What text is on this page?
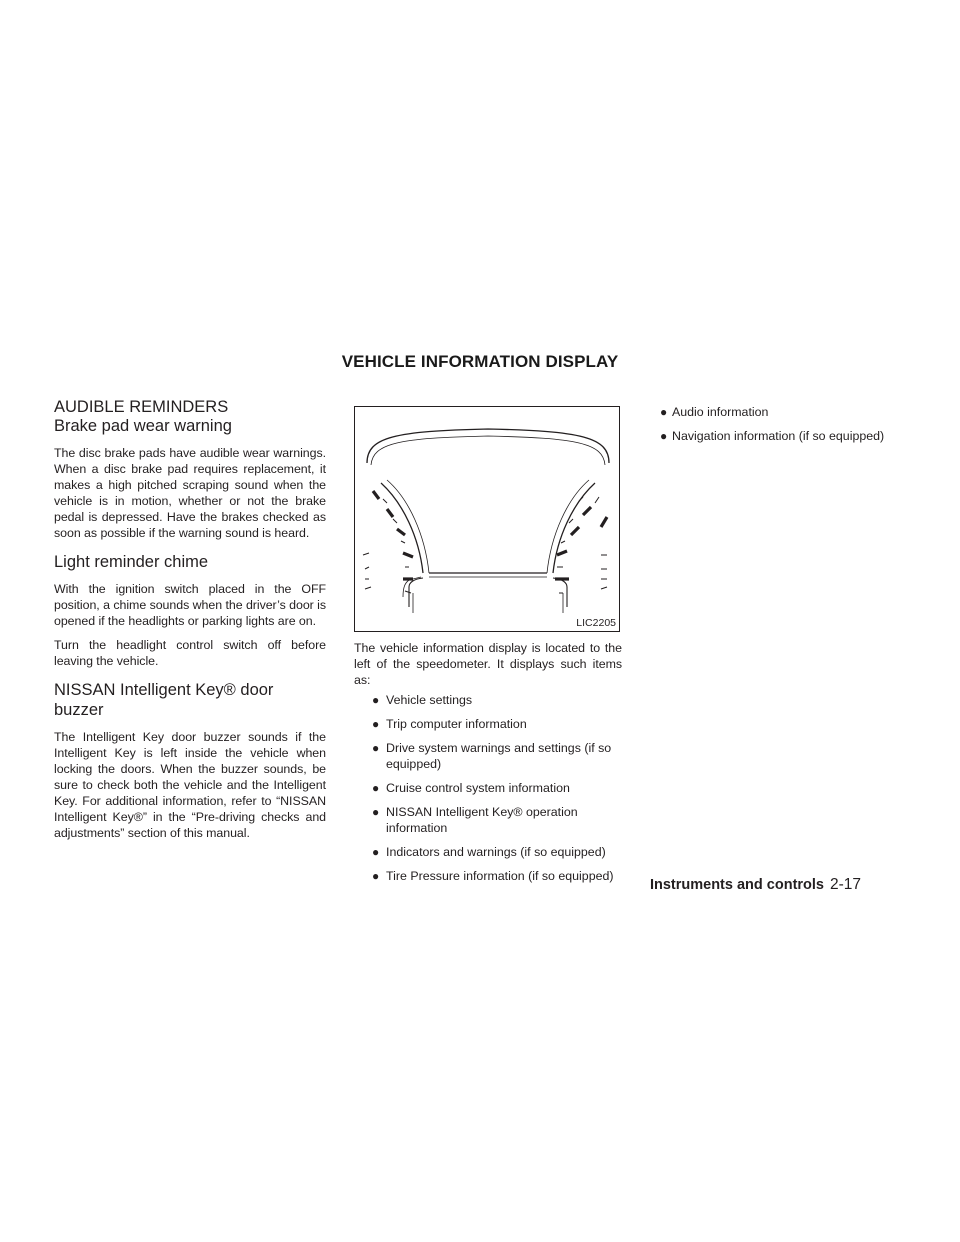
VEHICLE INFORMATION DISPLAY
AUDIBLE REMINDERS
Brake pad wear warning

The disc brake pads have audible wear warnings. When a disc brake pad requires replacement, it makes a high pitched scraping sound when the vehicle is in motion, whether or not the brake pedal is depressed. Have the brakes checked as soon as possible if the warning sound is heard.

Light reminder chime

With the ignition switch placed in the OFF position, a chime sounds when the driver’s door is opened if the headlights or parking lights are on.

Turn the headlight control switch off before leaving the vehicle.

NISSAN Intelligent Key® door buzzer

The Intelligent Key door buzzer sounds if the Intelligent Key is left inside the vehicle when locking the doors. When the buzzer sounds, be sure to check both the vehicle and the Intelligent Key. For additional information, refer to “NISSAN Intelligent Key®” in the “Pre-driving checks and adjustments” section of this manual.

LIC2205

The vehicle information display is located to the left of the speedometer. It displays such items as:

● Vehicle settings
● Trip computer information
● Drive system warnings and settings (if so equipped)
● Cruise control system information
● NISSAN Intelligent Key® operation information
● Indicators and warnings (if so equipped)
● Tire Pressure information (if so equipped)
● Audio information
● Navigation information (if so equipped)
Instruments and controls 2-17
